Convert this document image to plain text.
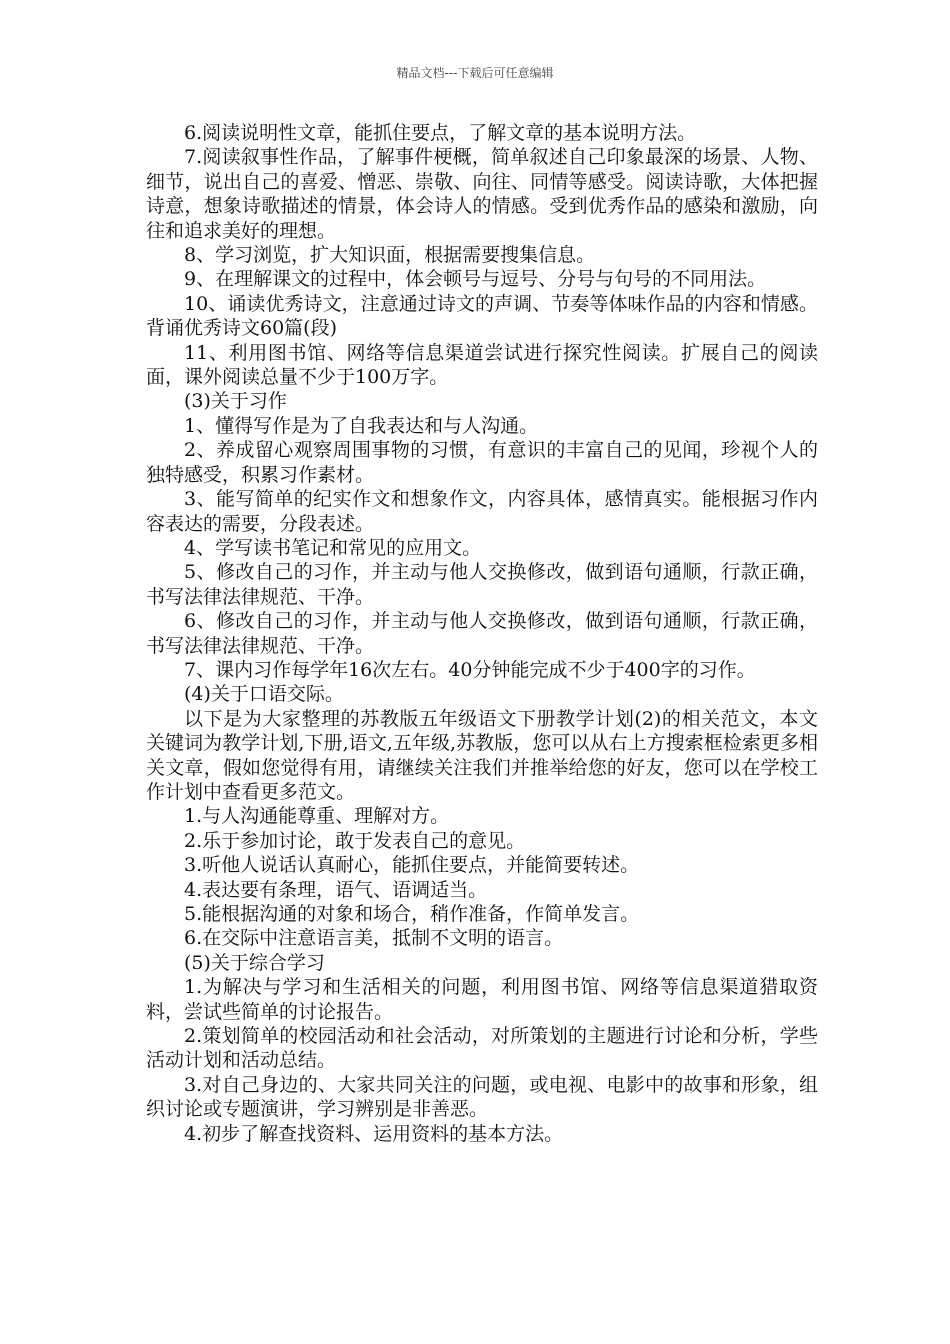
精品文档---下载后可任意编辑

6.阅读说明性文章，能抓住要点，了解文章的基本说明方法。

7.阅读叙事性作品，了解事件梗概，简单叙述自己印象最深的场景、人物、细节，说出自己的喜爱、憎恶、崇敬、向往、同情等感受。阅读诗歌，大体把握诗意，想象诗歌描述的情景，体会诗人的情感。受到优秀作品的感染和激励，向往和追求美好的理想。

8、学习浏览，扩大知识面，根据需要搜集信息。

9、在理解课文的过程中，体会顿号与逗号、分号与句号的不同用法。

10、诵读优秀诗文，注意通过诗文的声调、节奏等体味作品的内容和情感。背诵优秀诗文60篇(段)

11、利用图书馆、网络等信息渠道尝试进行探究性阅读。扩展自己的阅读面，课外阅读总量不少于100万字。

(3)关于习作

1、懂得写作是为了自我表达和与人沟通。

2、养成留心观察周围事物的习惯，有意识的丰富自己的见闻，珍视个人的独特感受，积累习作素材。

3、能写简单的纪实作文和想象作文，内容具体，感情真实。能根据习作内容表达的需要，分段表述。

4、学写读书笔记和常见的应用文。

5、修改自己的习作，并主动与他人交换修改，做到语句通顺，行款正确，书写法律法律规范、干净。

6、修改自己的习作，并主动与他人交换修改，做到语句通顺，行款正确，书写法律法律规范、干净。

7、课内习作每学年16次左右。40分钟能完成不少于400字的习作。

(4)关于口语交际。

以下是为大家整理的苏教版五年级语文下册教学计划(2)的相关范文，本文关键词为教学计划,下册,语文,五年级,苏教版，您可以从右上方搜索框检索更多相关文章，假如您觉得有用，请继续关注我们并推举给您的好友，您可以在学校工作计划中查看更多范文。

1.与人沟通能尊重、理解对方。

2.乐于参加讨论，敢于发表自己的意见。

3.听他人说话认真耐心，能抓住要点，并能简要转述。

4.表达要有条理，语气、语调适当。

5.能根据沟通的对象和场合，稍作准备，作简单发言。

6.在交际中注意语言美，抵制不文明的语言。

(5)关于综合学习

1.为解决与学习和生活相关的问题，利用图书馆、网络等信息渠道猎取资料，尝试些简单的讨论报告。

2.策划简单的校园活动和社会活动，对所策划的主题进行讨论和分析，学些活动计划和活动总结。

3.对自己身边的、大家共同关注的问题，或电视、电影中的故事和形象，组织讨论或专题演讲，学习辨别是非善恶。

4.初步了解查找资料、运用资料的基本方法。
